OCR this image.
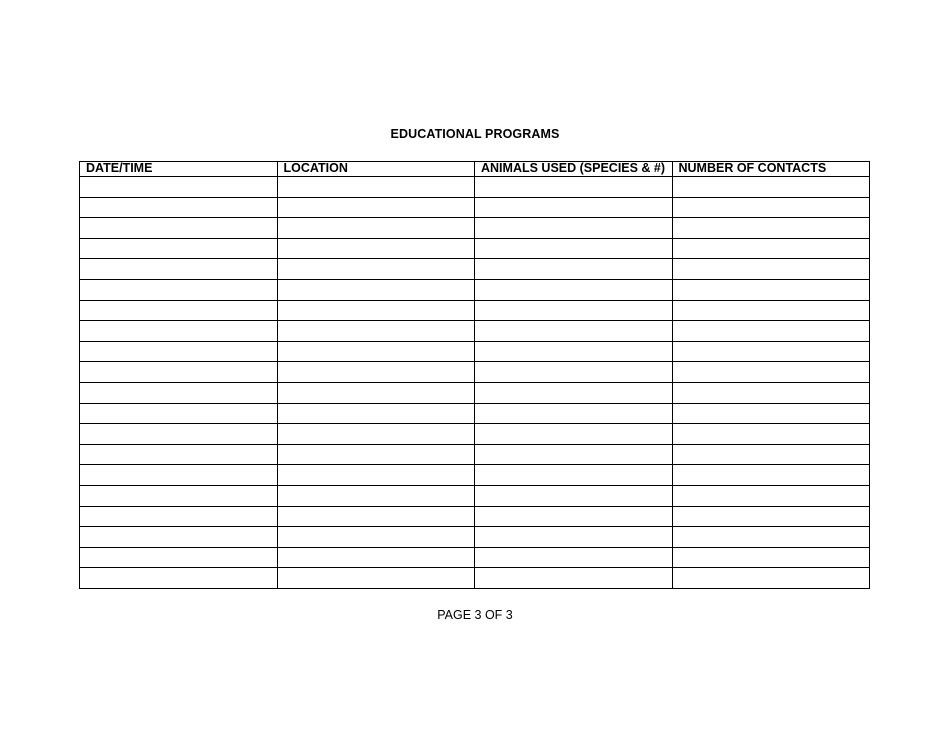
EDUCATIONAL PROGRAMS
DATE/TIME	LOCATION	ANIMALS USED (SPECIES & #)	NUMBER OF CONTACTS

PAGE 3 OF 3
